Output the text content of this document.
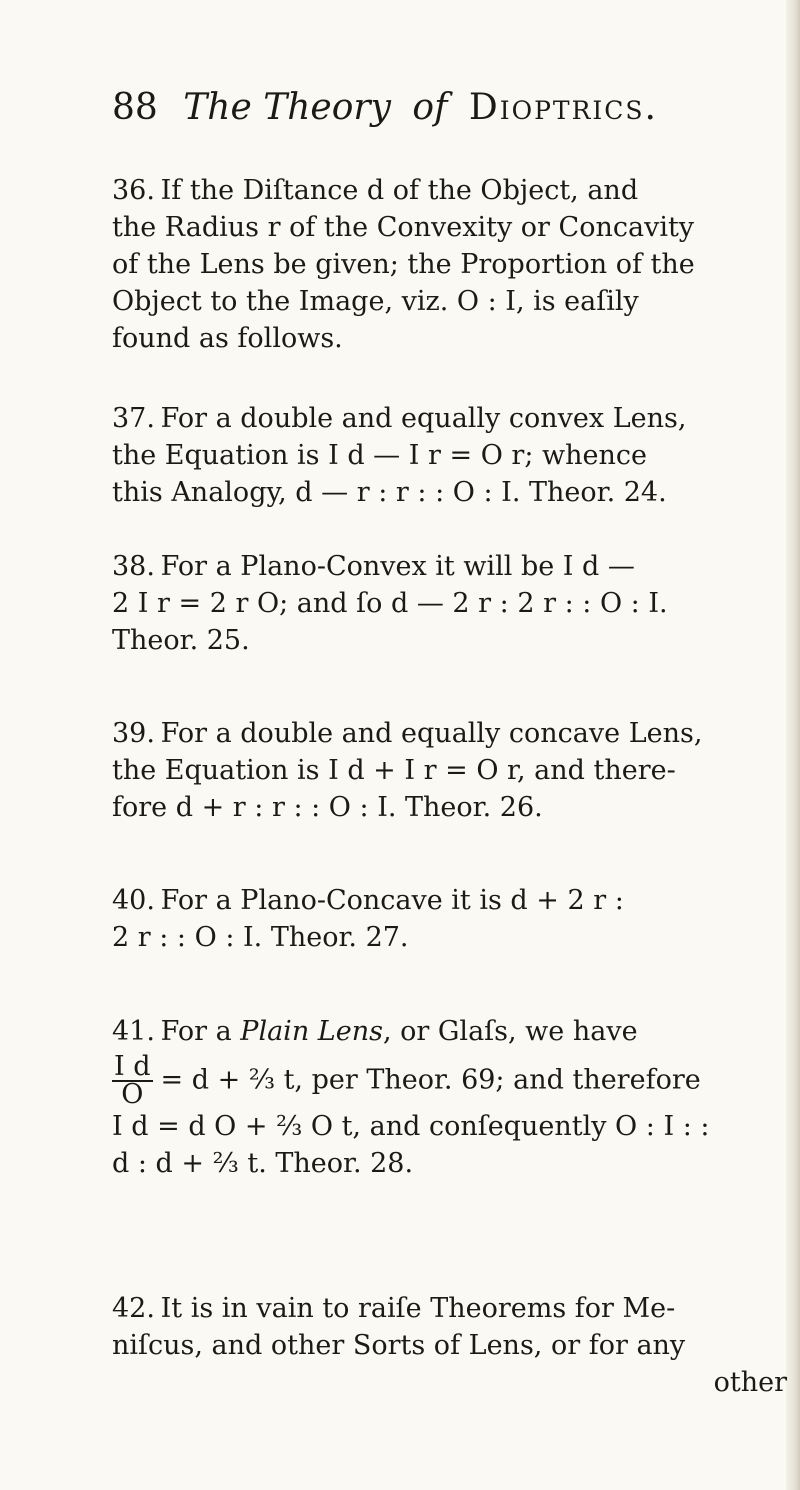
88 The Theory of Dioptrics.
36. If the Diſtance d of the Object, and
the Radius r of the Convexity or Concavity
of the Lens be given; the Proportion of the
Object to the Image, viz. O : I, is eaſily
found as follows.
37. For a double and equally convex Lens,
the Equation is I d — I r = O r; whence
this Analogy, d — r : r : : O : I. Theor. 24.
38. For a Plano-Convex it will be I d —
2 I r = 2 r O; and ſo d — 2 r : 2 r : : O : I.
Theor. 25.
39. For a double and equally concave Lens,
the Equation is I d + I r = O r, and there-
fore d + r : r : : O : I. Theor. 26.
40. For a Plano-Concave it is d + 2 r :
2 r : : O : I. Theor. 27.
41. For a Plain Lens, or Glaſs, we have
$\frac{\text{I d}}{O} = d$ + ⅔ t, per Theor. 69; and therefore
I d = d O + ⅔ O t, and conſequently O : I : :
d : d + ⅔ t. Theor. 28.
42. It is in vain to raiſe Theorems for Me-
niſcus, and other Sorts of Lens, or for any
other
